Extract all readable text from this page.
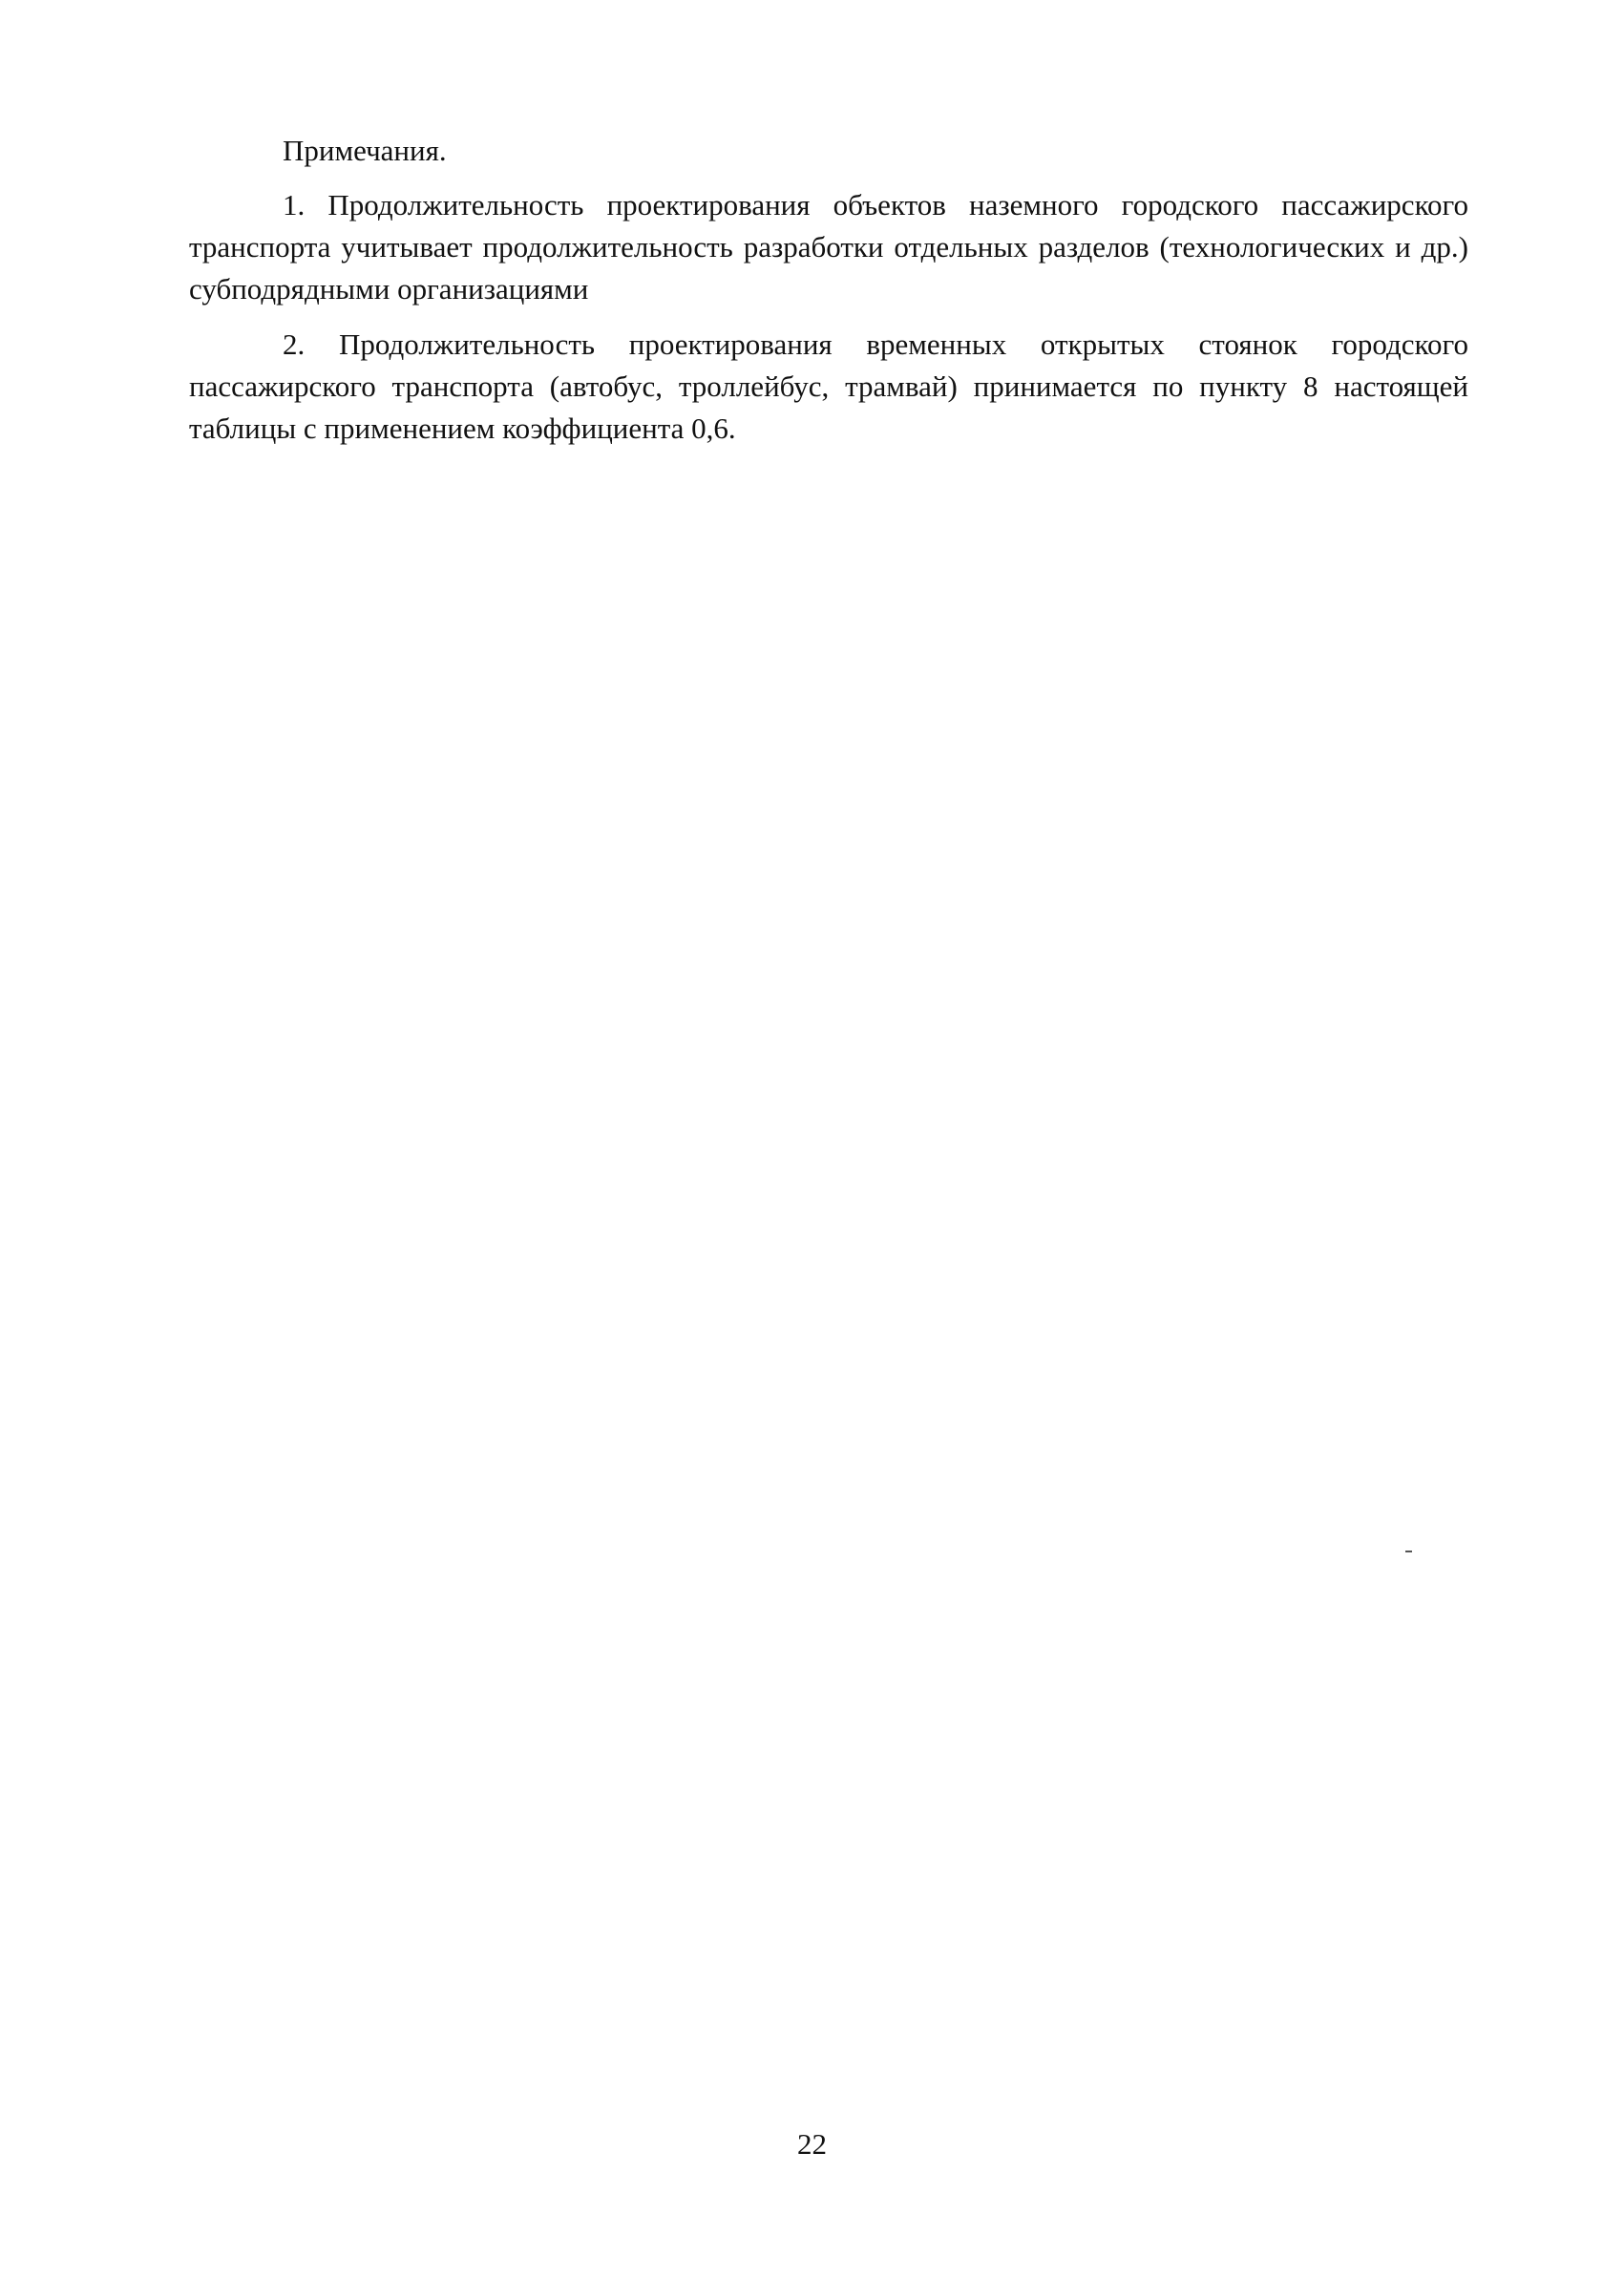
Примечания.

1. Продолжительность проектирования объектов наземного городского пассажирского транспорта учитывает продолжительность разработки отдельных разделов (технологических и др.) субподрядными организациями

2. Продолжительность проектирования временных открытых стоянок городского пассажирского транспорта (автобус, троллейбус, трамвай) принимается по пункту 8 настоящей таблицы с применением коэффициента 0,6.

22
